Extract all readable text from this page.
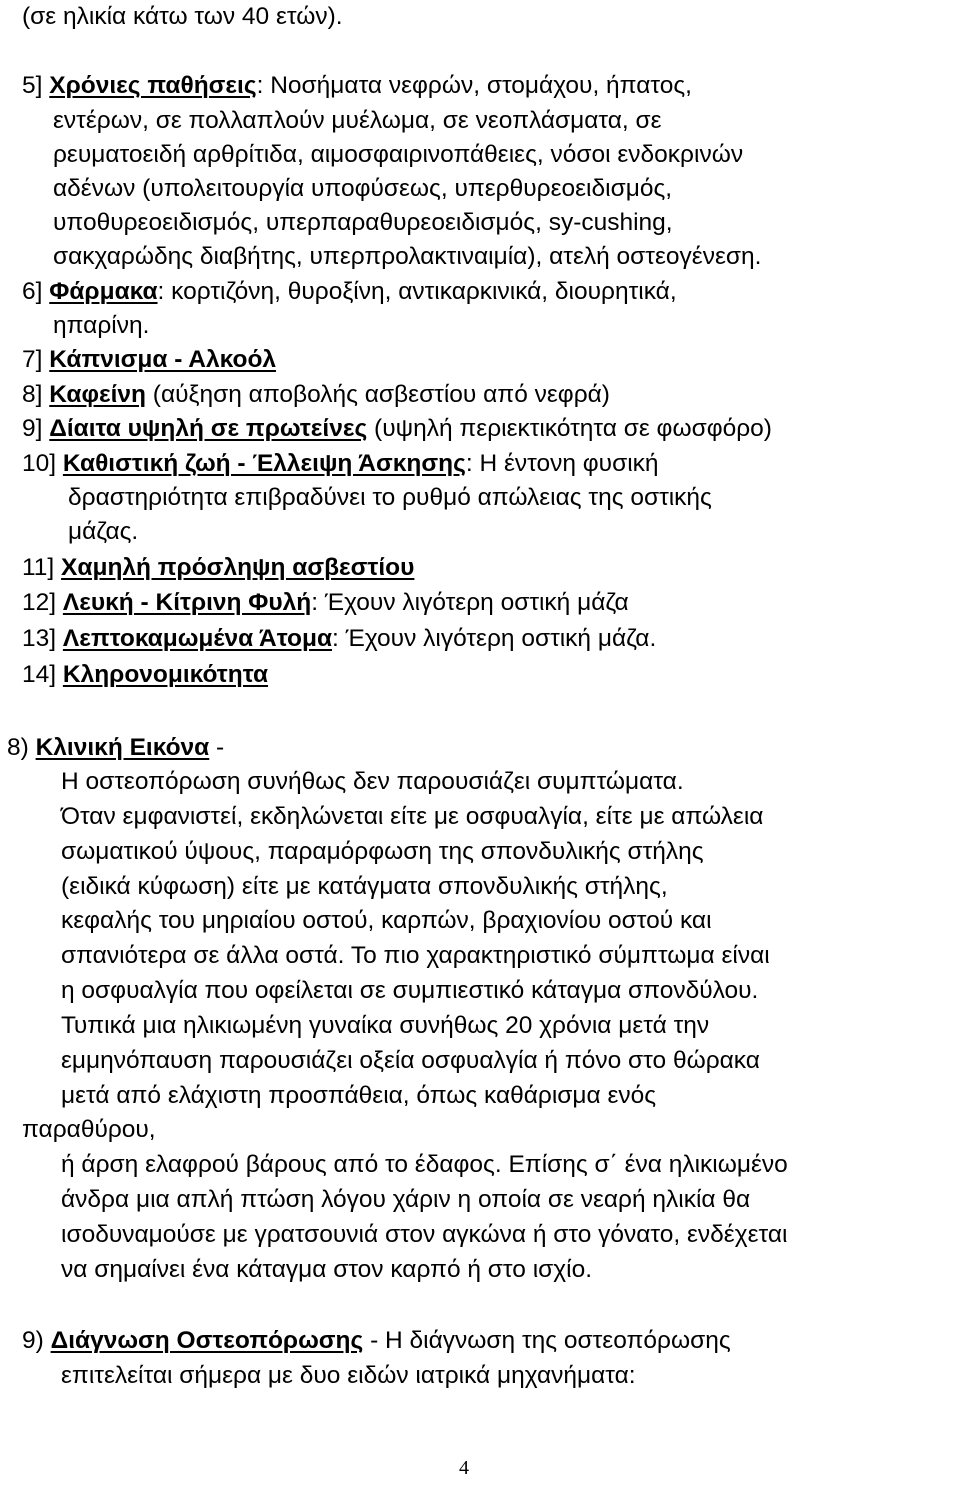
(σε ηλικία κάτω των 40 ετών).
5] Χρόνιες παθήσεις: Νοσήματα νεφρών, στομάχου, ήπατος,
εντέρων, σε πολλαπλούν μυέλωμα, σε νεοπλάσματα, σε
ρευματοειδή αρθρίτιδα, αιμοσφαιρινοπάθειες, νόσοι ενδοκρινών
αδένων (υπολειτουργία υποφύσεως, υπερθυρεοειδισμός,
υποθυρεοειδισμός, υπερπαραθυρεοειδισμός, sy-cushing,
σακχαρώδης διαβήτης, υπερπρολακτιναιμία), ατελή οστεογένεση.
6] Φάρμακα: κορτιζόνη, θυροξίνη, αντικαρκινικά, διουρητικά,
ηπαρίνη.
7] Κάπνισμα - Αλκοόλ
8] Καφείνη (αύξηση αποβολής ασβεστίου από νεφρά)
9] Δίαιτα υψηλή σε πρωτείνες (υψηλή περιεκτικότητα σε φωσφόρο)
10] Καθιστική ζωή - Έλλειψη Άσκησης: Η έντονη φυσική
δραστηριότητα επιβραδύνει το ρυθμό απώλειας της οστικής
μάζας.
11] Χαμηλή πρόσληψη ασβεστίου
12] Λευκή - Κίτρινη Φυλή: Έχουν λιγότερη οστική μάζα
13] Λεπτοκαμωμένα Άτομα: Έχουν λιγότερη οστική μάζα.
14] Κληρονομικότητα
8) Κλινική Εικόνα -
Η οστεοπόρωση συνήθως δεν παρουσιάζει συμπτώματα.
Όταν εμφανιστεί, εκδηλώνεται είτε με οσφυαλγία, είτε με απώλεια
σωματικού ύψους, παραμόρφωση της σπονδυλικής στήλης
(ειδικά κύφωση) είτε με κατάγματα σπονδυλικής στήλης,
κεφαλής του μηριαίου οστού, καρπών, βραχιονίου οστού και
σπανιότερα σε άλλα οστά. Το πιο χαρακτηριστικό σύμπτωμα είναι
η οσφυαλγία που οφείλεται σε συμπιεστικό κάταγμα σπονδύλου.
Τυπικά μια ηλικιωμένη γυναίκα συνήθως 20 χρόνια μετά την
εμμηνόπαυση παρουσιάζει οξεία οσφυαλγία ή πόνο στο θώρακα
μετά από ελάχιστη προσπάθεια, όπως καθάρισμα ενός
παραθύρου,
ή άρση ελαφρού βάρους από το έδαφος. Επίσης σ΄ ένα ηλικιωμένο
άνδρα μια απλή πτώση λόγου χάριν η οποία σε νεαρή ηλικία θα
ισοδυναμούσε με γρατσουνιά στον αγκώνα ή στο γόνατο, ενδέχεται
να σημαίνει ένα κάταγμα στον καρπό ή στο ισχίο.
9) Διάγνωση Οστεοπόρωσης - Η διάγνωση της οστεοπόρωσης
επιτελείται σήμερα με δυο ειδών ιατρικά μηχανήματα:
4
